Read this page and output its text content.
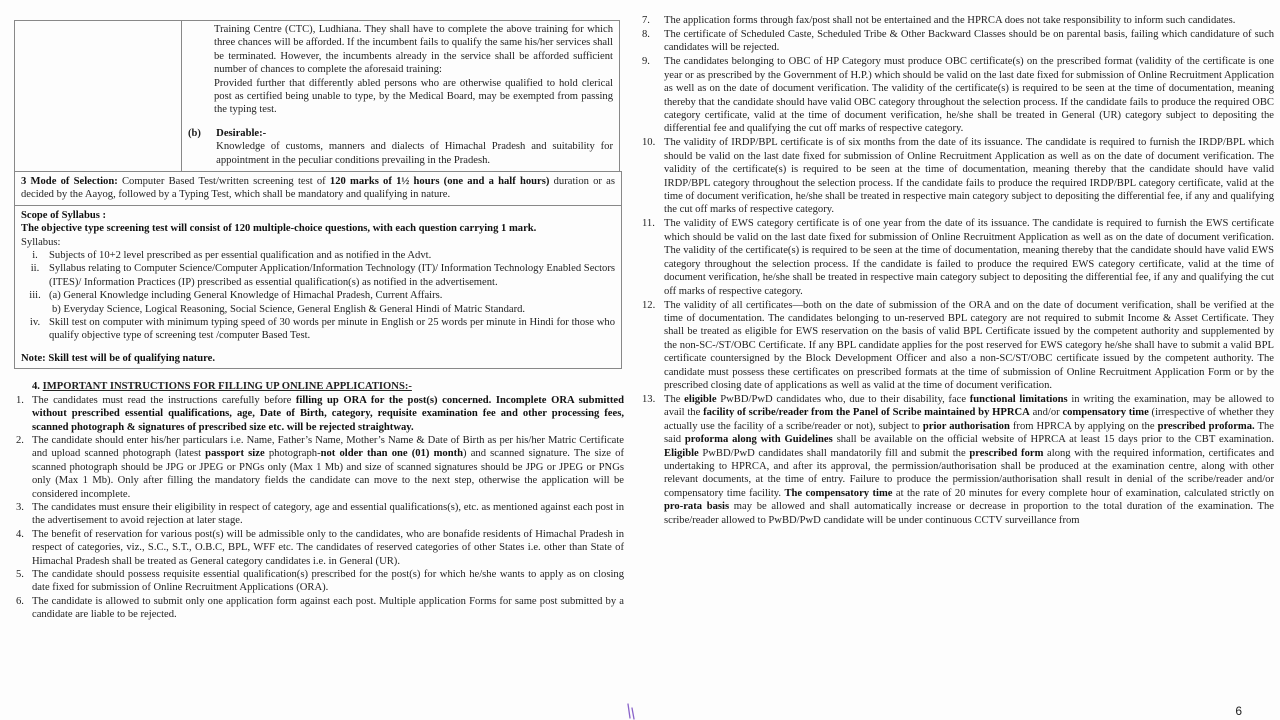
Training Centre (CTC), Ludhiana. They shall have to complete the above training for which three chances will be afforded. If the incumbent fails to qualify the same his/her services shall be terminated. However, the incumbents already in the service shall be afforded sufficient number of chances to complete the aforesaid training:
Provided further that differently abled persons who are otherwise qualified to hold clerical post as certified being unable to type, by the Medical Board, may be exempted from passing the typing test.
(b)	Desirable:-
Knowledge of customs, manners and dialects of Himachal Pradesh and suitability for appointment in the peculiar conditions prevailing in the Pradesh.
3 Mode of Selection: Computer Based Test/written screening test of 120 marks of 1½ hours (one and a half hours) duration or as decided by the Aayog, followed by a Typing Test, which shall be mandatory and qualifying in nature.
Scope of Syllabus :
The objective type screening test will consist of 120 multiple-choice questions, with each question carrying 1 mark.
Syllabus:
i.	Subjects of 10+2 level prescribed as per essential qualification and as notified in the Advt.
ii. Syllabus relating to Computer Science/Computer Application/Information Technology (IT)/ Information Technology Enabled Sectors (ITES)/ Information Practices (IP) prescribed as essential qualification(s) as notified in the advertisement.
iii. (a) General Knowledge including General Knowledge of Himachal Pradesh, Current Affairs.
b) Everyday Science, Logical Reasoning, Social Science, General English & General Hindi of Matric Standard.
iv. Skill test on computer with minimum typing speed of 30 words per minute in English or 25 words per minute in Hindi for those who qualify objective type of screening test /computer Based Test.
Note: Skill test will be of qualifying nature.
4. IMPORTANT INSTRUCTIONS FOR FILLING UP ONLINE APPLICATIONS:-
1. The candidates must read the instructions carefully before filling up ORA for the post(s) concerned. Incomplete ORA submitted without prescribed essential qualifications, age, Date of Birth, category, requisite examination fee and other processing fees, scanned photograph & signatures of prescribed size etc. will be rejected straightway.
2. The candidate should enter his/her particulars i.e. Name, Father’s Name, Mother’s Name & Date of Birth as per his/her Matric Certificate and upload scanned photograph (latest passport size photograph-not older than one (01) month) and scanned signature. The size of scanned photograph should be JPG or JPEG or PNGs only (Max 1 Mb) and size of scanned signatures should be JPG or JPEG or PNGs only (Max 1 Mb). Only after filling the mandatory fields the candidate can move to the next step, otherwise the application will be considered incomplete.
3. The candidates must ensure their eligibility in respect of category, age and essential qualifications(s), etc. as mentioned against each post in the advertisement to avoid rejection at later stage.
4. The benefit of reservation for various post(s) will be admissible only to the candidates, who are bonafide residents of Himachal Pradesh in respect of categories, viz., S.C., S.T., O.B.C, BPL, WFF etc. The candidates of reserved categories of other States i.e. other than State of Himachal Pradesh shall be treated as General category candidates i.e. in General (UR).
5. The candidate should possess requisite essential qualification(s) prescribed for the post(s) for which he/she wants to apply as on closing date fixed for submission of Online Recruitment Applications (ORA).
6. The candidate is allowed to submit only one application form against each post. Multiple application Forms for same post submitted by a candidate are liable to be rejected.
7.	The application forms through fax/post shall not be entertained and the HPRCA does not take responsibility to inform such candidates.
8.	The certificate of Scheduled Caste, Scheduled Tribe & Other Backward Classes should be on parental basis, failing which candidature of such candidates will be rejected.
9.	The candidates belonging to OBC of HP Category must produce OBC certificate(s) on the prescribed format (validity of the certificate is one year or as prescribed by the Government of H.P.) which should be valid on the last date fixed for submission of Online Recruitment Application as well as on the date of document verification. The validity of the certificate(s) is required to be seen at the time of documentation, meaning thereby that the candidate should have valid OBC category throughout the selection process. If the candidate fails to produce the required OBC category certificate, valid at the time of document verification, he/she shall be treated in General (UR) category subject to depositing the differential fee and qualifying the cut off marks of respective category.
10. The validity of IRDP/BPL certificate is of six months from the date of its issuance. The candidate is required to furnish the IRDP/BPL which should be valid on the last date fixed for submission of Online Recruitment Application as well as on the date of document verification. The validity of the certificate(s) is required to be seen at the time of documentation, meaning thereby that the candidate should have valid IRDP/BPL category throughout the selection process. If the candidate fails to produce the required IRDP/BPL category certificate, valid at the time of document verification, he/she shall be treated in respective main category subject to depositing the differential fee, if any and qualifying the cut off marks of respective category.
11. The validity of EWS category certificate is of one year from the date of its issuance. The candidate is required to furnish the EWS certificate which should be valid on the last date fixed for submission of Online Recruitment Application as well as on the date of document verification. The validity of the certificate(s) is required to be seen at the time of documentation, meaning thereby that the candidate should have valid EWS category throughout the selection process. If the candidate is failed to produce the required EWS category certificate, valid at the time of document verification, he/she shall be treated in respective main category subject to depositing the differential fee, if any and qualifying the cut off marks of respective category.
12. The validity of all certificates—both on the date of submission of the ORA and on the date of document verification, shall be verified at the time of documentation. The candidates belonging to un-reserved BPL category are not required to submit Income & Asset Certificate. They shall be treated as eligible for EWS reservation on the basis of valid BPL Certificate issued by the competent authority and supplemented by the non-SC-/ST/OBC Certificate. If any BPL candidate applies for the post reserved for EWS category he/she shall have to submit a valid BPL certificate countersigned by the Block Development Officer and also a non-SC/ST/OBC certificate issued by the competent authority. The candidate must possess these certificates on prescribed formats at the time of submission of Online Recruitment Application Form or by the prescribed closing date of applications as well as valid at the time of document verification.
13. The eligible PwBD/PwD candidates who, due to their disability, face functional limitations in writing the examination, may be allowed to avail the facility of scribe/reader from the Panel of Scribe maintained by HPRCA and/or compensatory time (irrespective of whether they actually use the facility of a scribe/reader or not), subject to prior authorisation from HPRCA by applying on the prescribed proforma. The said proforma along with Guidelines shall be available on the official website of HPRCA at least 15 days prior to the CBT examination. Eligible PwBD/PwD candidates shall mandatorily fill and submit the prescribed form along with the required information, certificates and undertaking to HPRCA, and after its approval, the permission/authorisation shall be produced at the examination centre, along with other relevant documents, at the time of entry. Failure to produce the permission/authorisation shall result in denial of the scribe/reader and/or compensatory time facility. The compensatory time at the rate of 20 minutes for every complete hour of examination, calculated strictly on pro-rata basis may be allowed and shall automatically increase or decrease in proportion to the total duration of the examination. The scribe/reader allowed to PwBD/PwD candidate will be under continuous CCTV surveillance from
6
